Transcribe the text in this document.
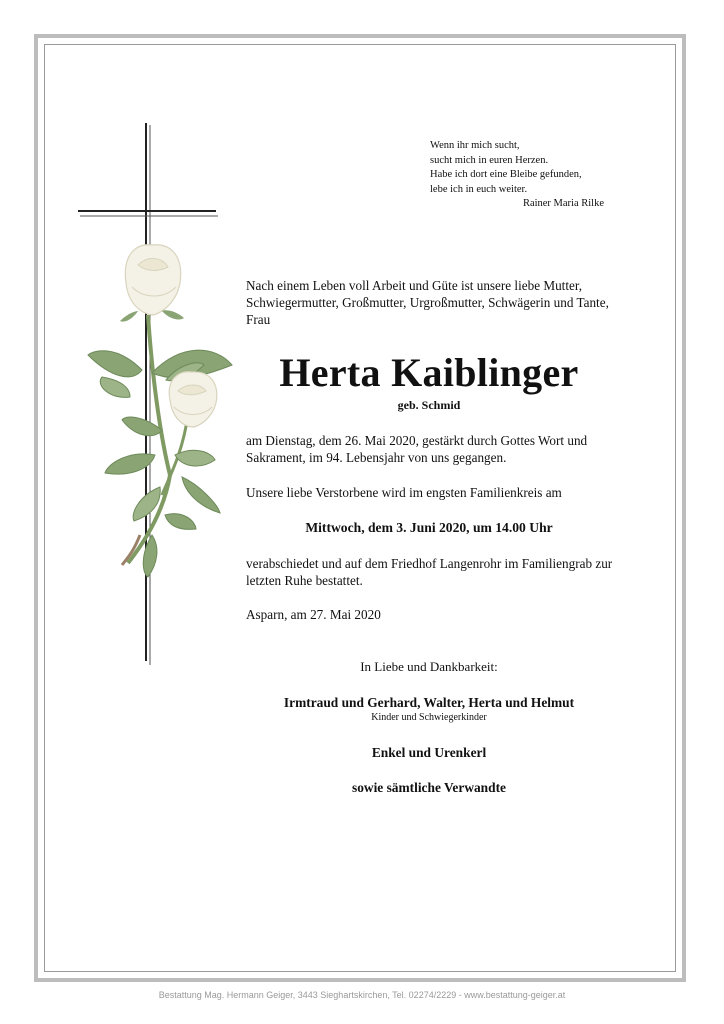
Wenn ihr mich sucht,
sucht mich in euren Herzen.
Habe ich dort eine Bleibe gefunden,
lebe ich in euch weiter.
Rainer Maria Rilke
Nach einem Leben voll Arbeit und Güte ist unsere liebe Mutter, Schwiegermutter, Großmutter, Urgroßmutter, Schwägerin und Tante, Frau
Herta Kaiblinger
geb. Schmid
am Dienstag, dem 26. Mai 2020, gestärkt durch Gottes Wort und Sakrament, im 94. Lebensjahr von uns gegangen.
Unsere liebe Verstorbene wird im engsten Familienkreis am
Mittwoch, dem 3. Juni 2020, um 14.00 Uhr
verabschiedet und auf dem Friedhof Langenrohr im Familiengrab zur letzten Ruhe bestattet.
Asparn, am 27. Mai 2020
In Liebe und Dankbarkeit:
Irmtraud und Gerhard, Walter, Herta und Helmut
Kinder und Schwiegerkinder
Enkel und Urenkerl
sowie sämtliche Verwandte
Bestattung Mag. Hermann Geiger, 3443 Sieghartskirchen, Tel. 02274/2229 - www.bestattung-geiger.at
